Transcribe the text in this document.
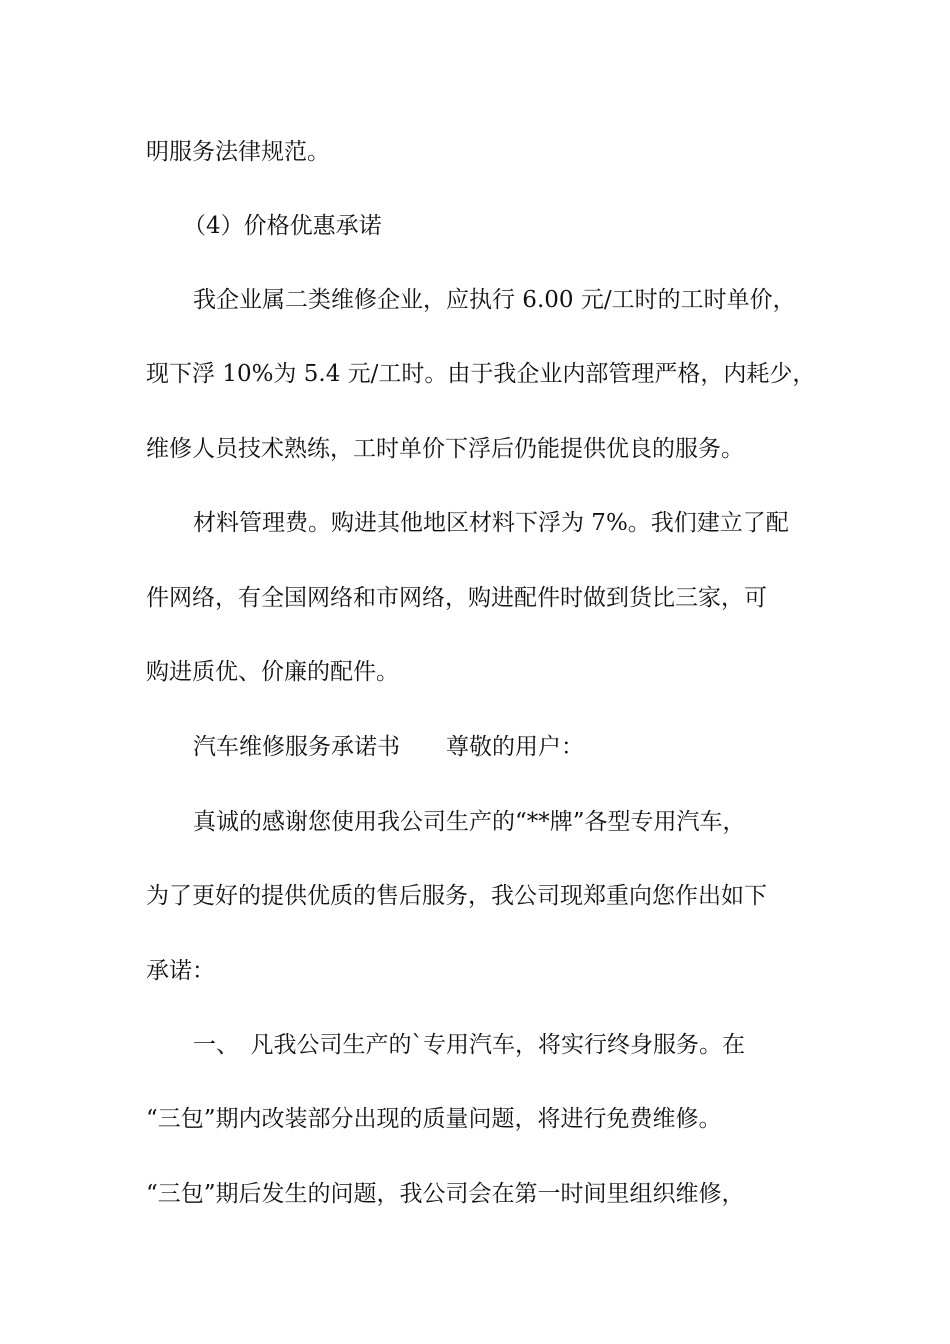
明服务法律规范。

（4）价格优惠承诺

我企业属二类维修企业，应执行 6.00 元/工时的工时单价，

现下浮 10%为 5.4 元/工时。由于我企业内部管理严格，内耗少，

维修人员技术熟练，工时单价下浮后仍能提供优良的服务。

材料管理费。购进其他地区材料下浮为 7%。我们建立了配

件网络，有全国网络和市网络，购进配件时做到货比三家，可

购进质优、价廉的配件。

汽车维修服务承诺书　　尊敬的用户：

真诚的感谢您使用我公司生产的“**牌”各型专用汽车，

为了更好的提供优质的售后服务，我公司现郑重向您作出如下

承诺：

一、　凡我公司生产的`专用汽车，将实行终身服务。在

“三包”期内改装部分出现的质量问题，将进行免费维修。

“三包”期后发生的问题，我公司会在第一时间里组织维修，
